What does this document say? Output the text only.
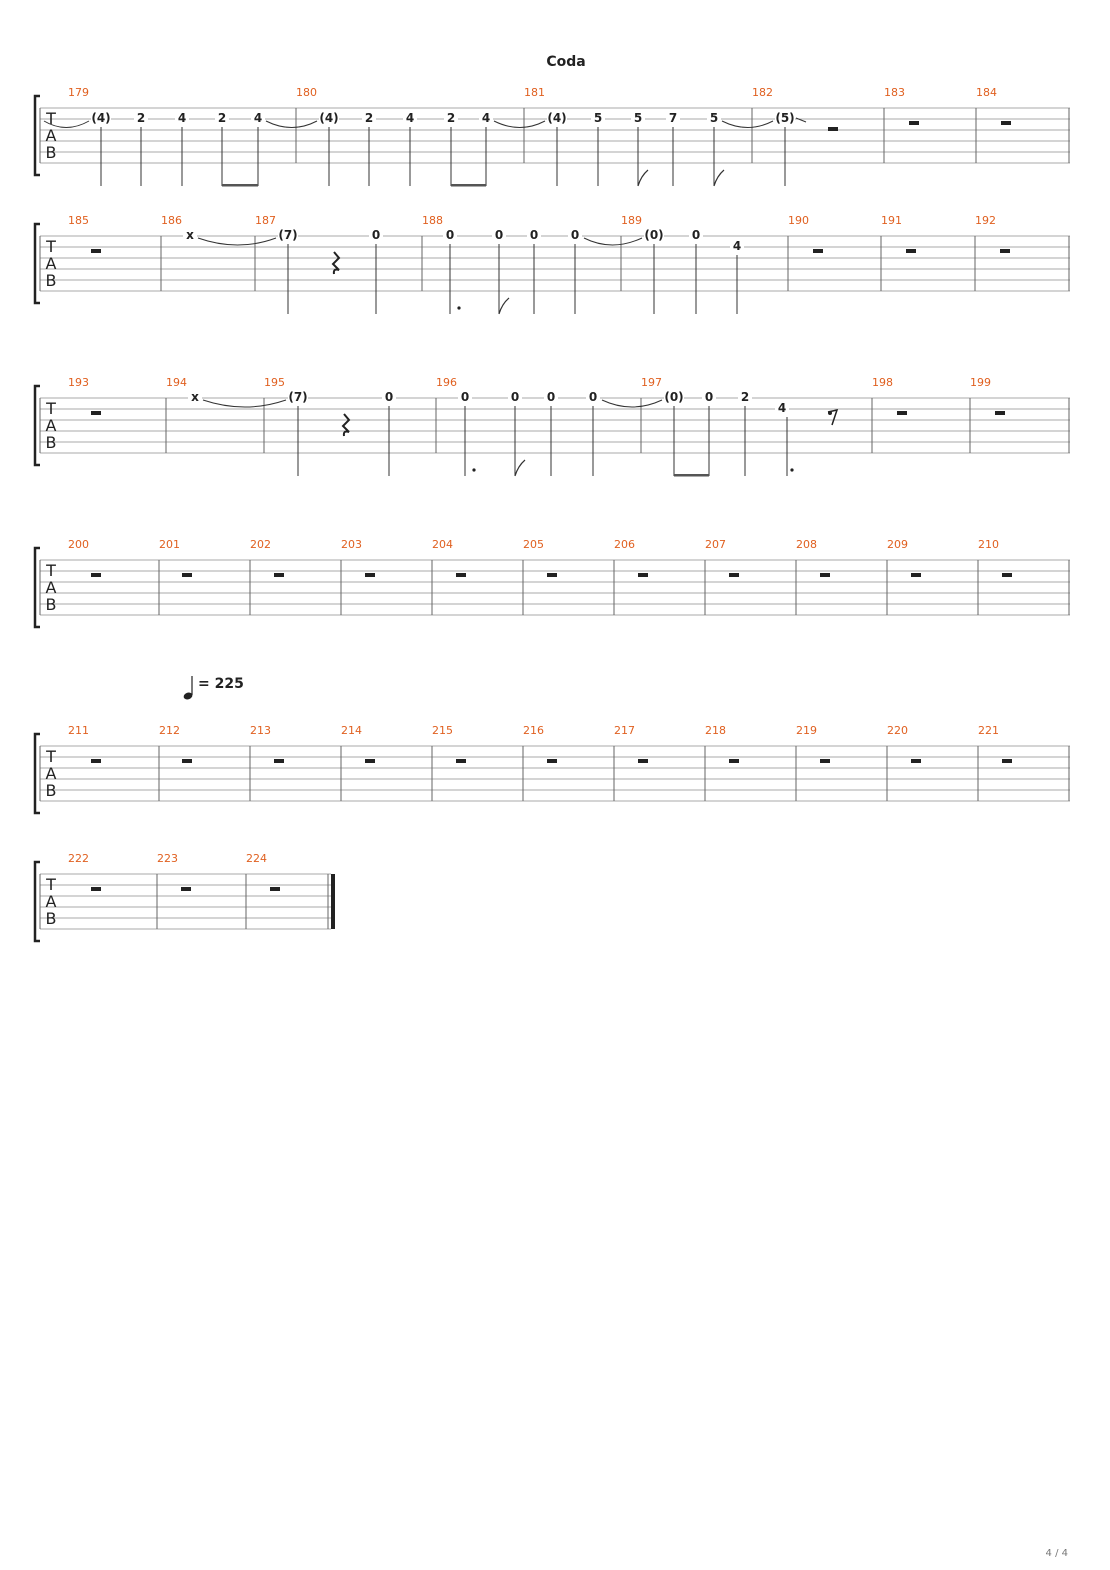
Coda
= 225
T
A
B
179	180	181	182	183	184
(4) 2	4	2 4	(4) 2	4	2 4	(4) 5	5 7	5	(5)
T
A
B
185	186	187	188	189	190	191	192
x	(7)	0	0	0 0	0	(0) 0
4
T
A
B
193	194	195	196	197	198	199
x	(7)	0	0	0 0	0	(0) 0 2
4
T
A
B
200	201	202	203	204	205	206	207	208	209	210
T
A
B
211	212	213	214	215	216	217	218	219	220	221
T
A
B
222	223	224
4 / 4
